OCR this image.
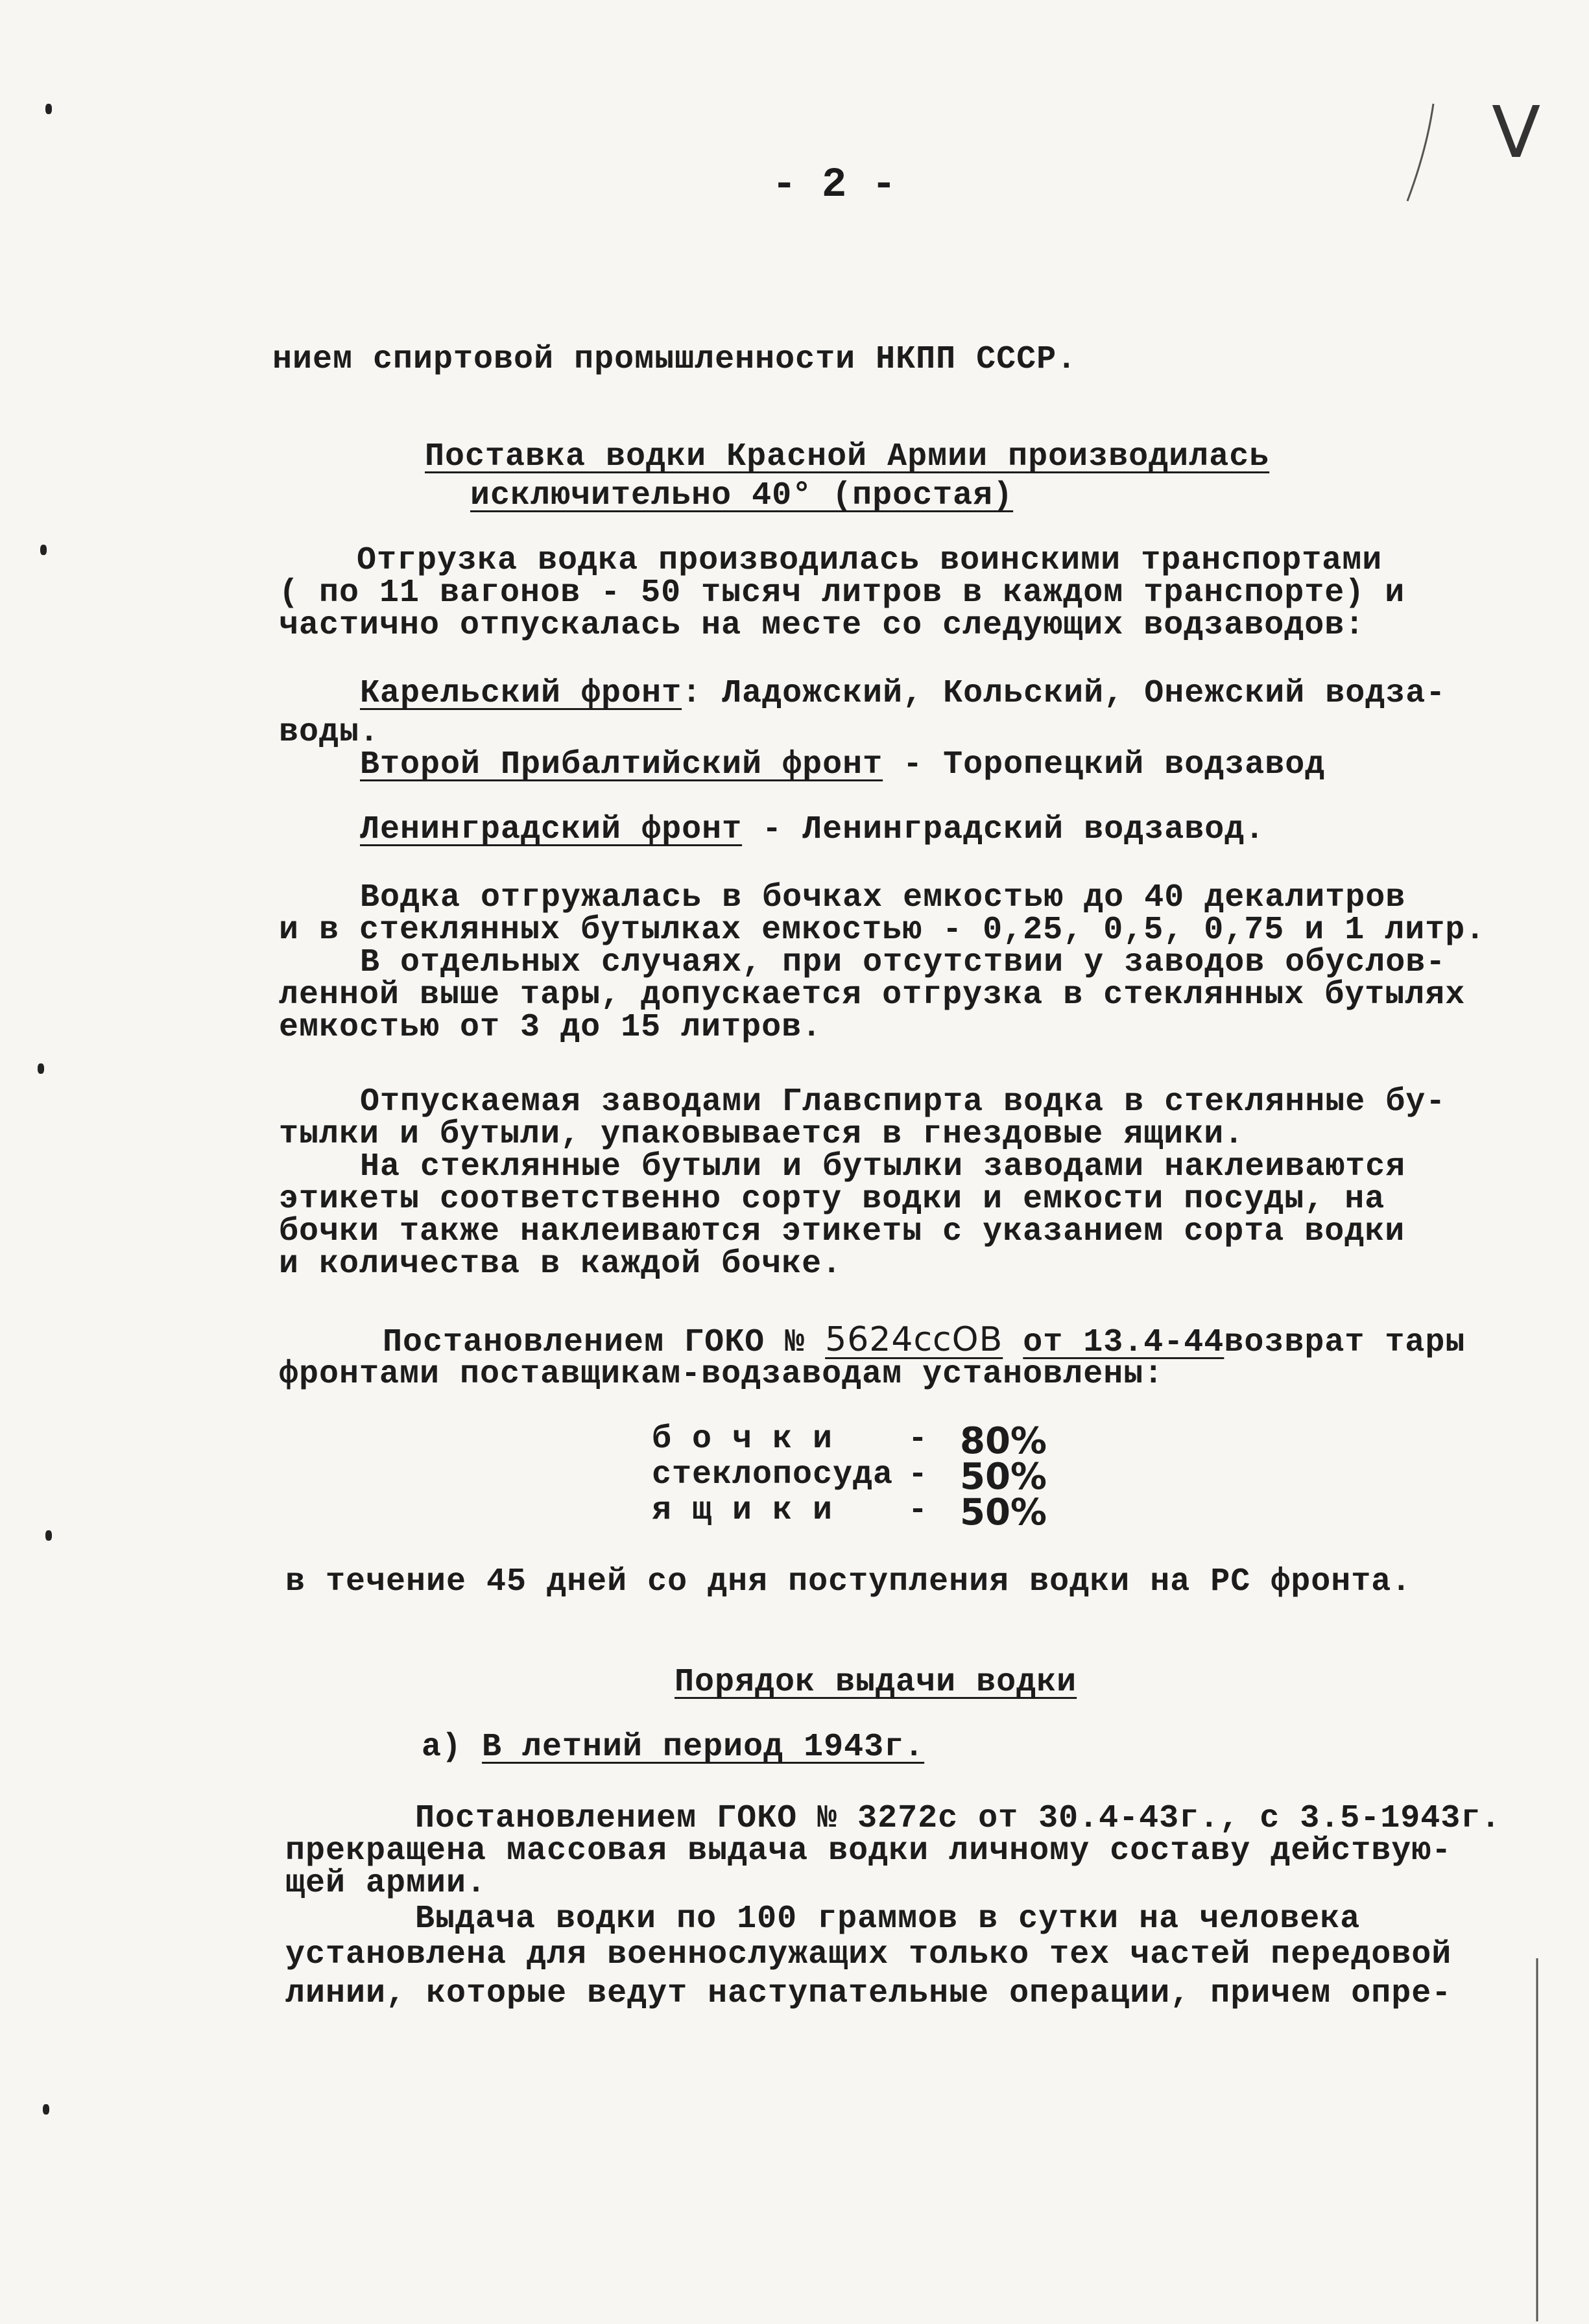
- 2 -
V
нием спиртовой промышленности НКПП СССР.
Поставка водки Красной Армии производилась
исключительно 40° (простая)
Отгрузка водка производилась воинскими транспортами
( по 11 вагонов - 50 тысяч литров в каждом транспорте) и
частично отпускалась на месте со следующих водзаводов:
Карельский фронт: Ладожский, Кольский, Онежский водза-
воды.
Второй Прибалтийский фронт - Торопецкий водзавод
Ленинградский фронт - Ленинградский водзавод.
Водка отгружалась в бочках емкостью до 40 декалитров
и в стеклянных бутылках емкостью - 0,25, 0,5, 0,75 и 1 литр.
В отдельных случаях, при отсутствии у заводов обуслов-
ленной выше тары, допускается отгрузка в стеклянных бутылях
емкостью от 3 до 15 литров.
Отпускаемая заводами Главспирта водка в стеклянные бу-
тылки и бутыли, упаковывается в гнездовые ящики.
На стеклянные бутыли и бутылки заводами наклеиваются
этикеты соответственно сорту водки и емкости посуды, на
бочки также наклеиваются этикеты с указанием сорта водки
и количества в каждой бочке.
Постановлением ГОКО № 5624ссОВ от 13.4-44возврат тары
фронтами поставщикам-водзаводам установлены:
б о ч к и - 80%
стеклопосуда - 50%
я щ и к и - 50%
в течение 45 дней со дня поступления водки на РС фронта.
Порядок выдачи водки
а) В летний период 1943г.
Постановлением ГОКО № 3272с от 30.4-43г., с 3.5-1943г.
прекращена массовая выдача водки личному составу действую-
щей армии.
Выдача водки по 100 граммов в сутки на человека
установлена для военнослужащих только тех частей передовой
линии, которые ведут наступательные операции, причем опре-
